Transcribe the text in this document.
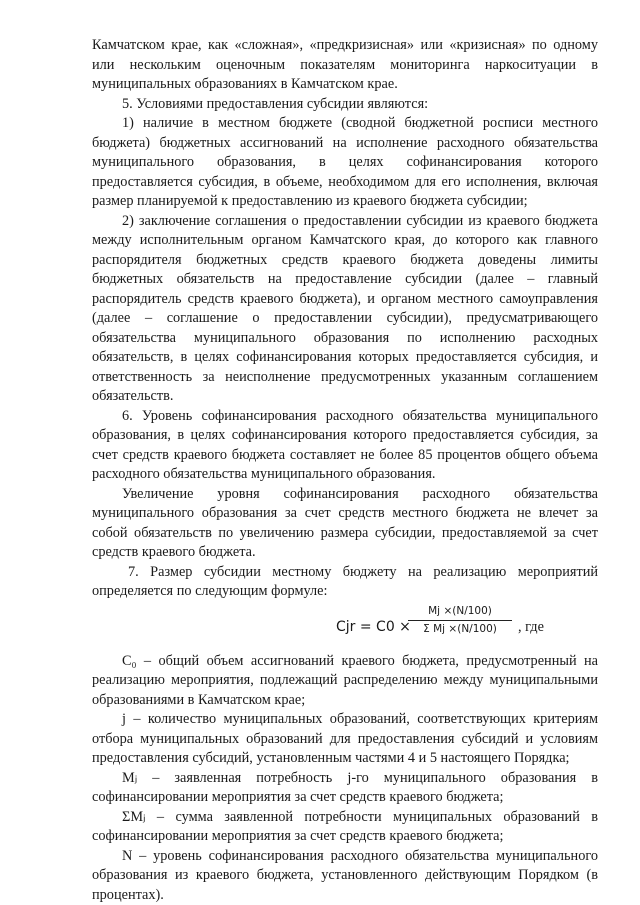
Камчатском крае, как «сложная», «предкризисная» или «кризисная» по одному или нескольким оценочным показателям мониторинга наркоситуации в муниципальных образованиях в Камчатском крае.

5. Условиями предоставления субсидии являются:

1) наличие в местном бюджете (сводной бюджетной росписи местного бюджета) бюджетных ассигнований на исполнение расходного обязательства муниципального образования, в целях софинансирования которого предоставляется субсидия, в объеме, необходимом для его исполнения, включая размер планируемой к предоставлению из краевого бюджета субсидии;

2) заключение соглашения о предоставлении субсидии из краевого бюджета между исполнительным органом Камчатского края, до которого как главного распорядителя бюджетных средств краевого бюджета доведены лимиты бюджетных обязательств на предоставление субсидии (далее – главный распорядитель средств краевого бюджета), и органом местного самоуправления (далее – соглашение о предоставлении субсидии), предусматривающего обязательства муниципального образования по исполнению расходных обязательств, в целях софинансирования которых предоставляется субсидия, и ответственность за неисполнение предусмотренных указанным соглашением обязательств.

6. Уровень софинансирования расходного обязательства муниципального образования, в целях софинансирования которого предоставляется субсидия, за счет средств краевого бюджета составляет не более 85 процентов общего объема расходного обязательства муниципального образования.

Увеличение уровня софинансирования расходного обязательства муниципального образования за счет средств местного бюджета не влечет за собой обязательств по увеличению размера субсидии, предоставляемой за счет средств краевого бюджета.

7. Размер субсидии местному бюджету на реализацию мероприятий определяется по следующим формуле:

Cjr = C0 ×
Mj ×(N/100)
Σ Mj ×(N/100)	, где

С₀ – общий объем ассигнований краевого бюджета, предусмотренный на реализацию мероприятия, подлежащий распределению между муниципальными образованиями в Камчатском крае;

j – количество муниципальных образований, соответствующих критериям отбора муниципальных образований для предоставления субсидий и условиям предоставления субсидий, установленным частями 4 и 5 настоящего Порядка;

Мⱼ – заявленная потребность j-го муниципального образования в софинансировании мероприятия за счет средств краевого бюджета;

ΣМⱼ – сумма заявленной потребности муниципальных образований в софинансировании мероприятия за счет средств краевого бюджета;

N – уровень софинансирования расходного обязательства муниципального образования из краевого бюджета, установленного действующим Порядком (в процентах).
